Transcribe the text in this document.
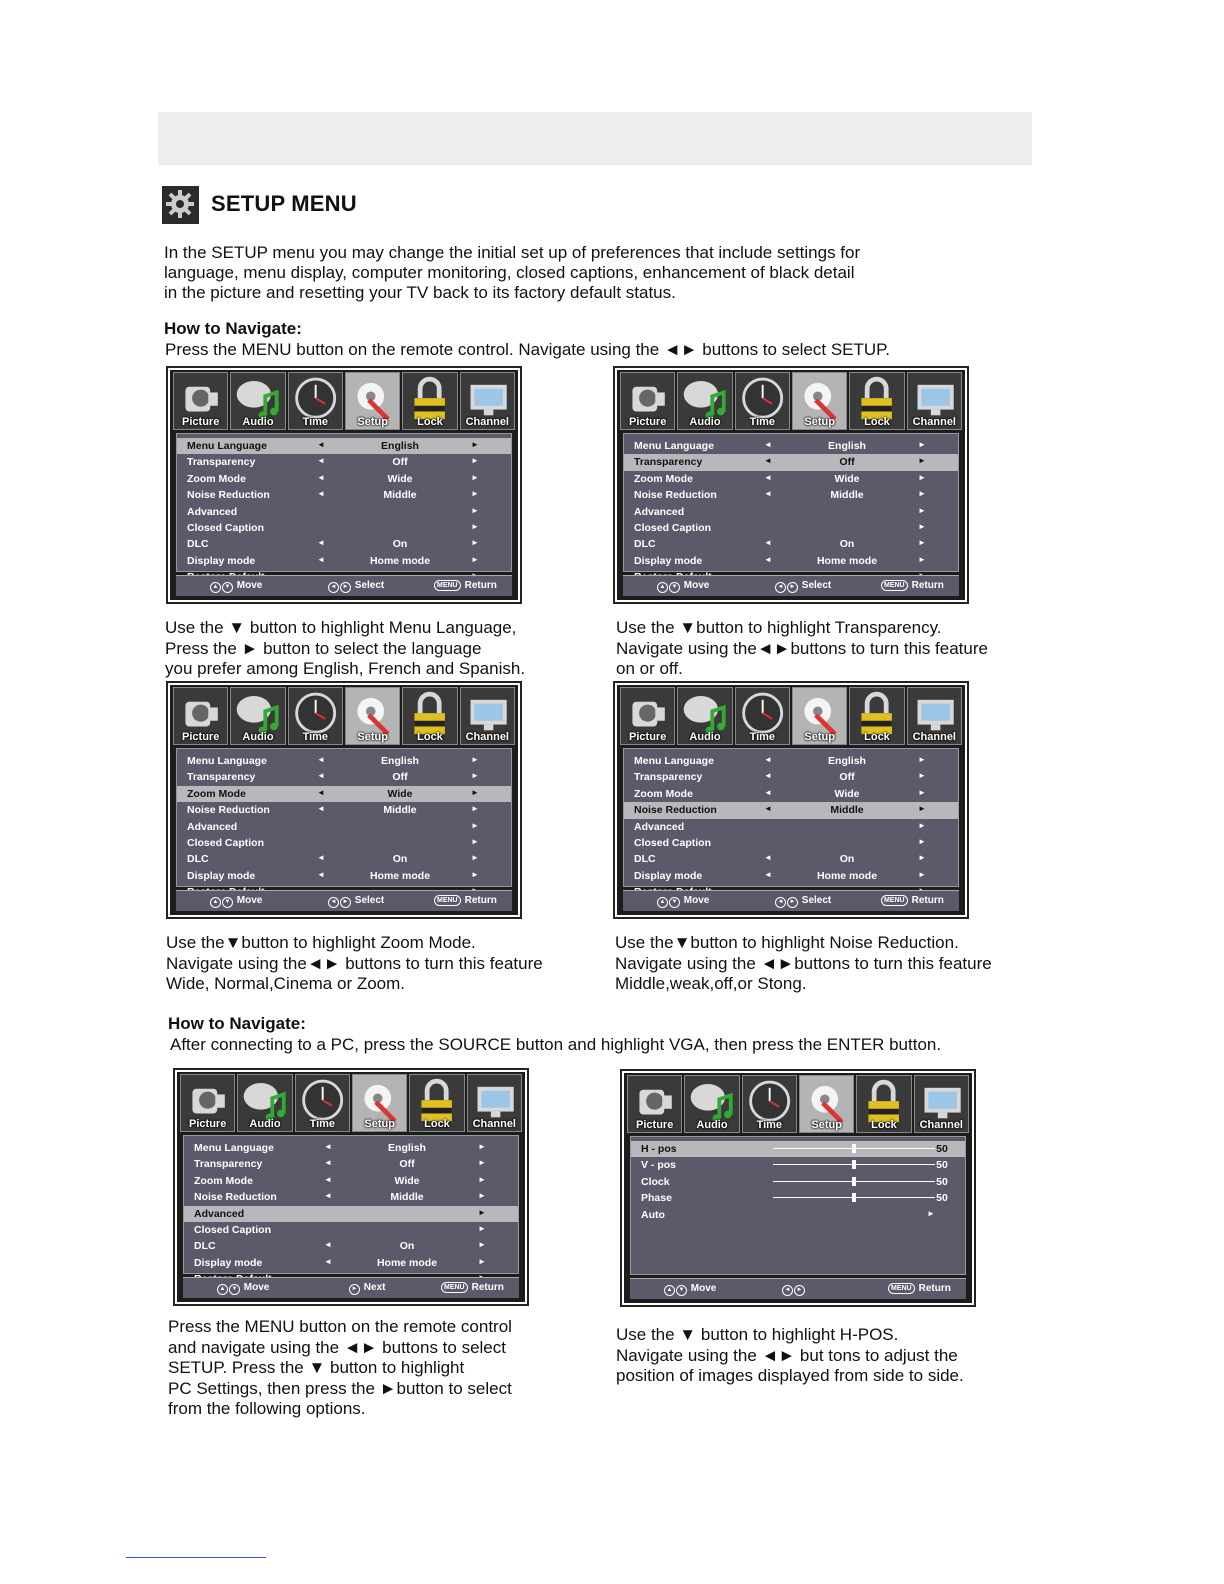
SETUP MENU
In the SETUP menu you may change the initial set up of preferences that include settings for
language, menu display, computer monitoring, closed captions, enhancement of black detail
in the picture and resetting your TV back to its factory default status.
How to Navigate:
Press the MENU button on the remote control. Navigate using the ◄► buttons to select SETUP.
Picture	Audio	Time	Setup	Lock	Channel
Menu Language	◄	English	►
Transparency	◄	Off	►
Zoom Mode	◄	Wide	►
Noise Reduction	◄	Middle	►
Advanced	►
Closed Caption	►
DLC	◄	On	►
Display mode	◄	Home mode	►
▲ ▼ Move	◄ ► Select	MENU Return
Picture	Audio	Time	Setup	Lock	Channel
Menu Language	◄	English	►
Transparency	◄	Off	►
Zoom Mode	◄	Wide	►
Noise Reduction	◄	Middle	►
Advanced	►
Closed Caption	►
DLC	◄	On	►
Display mode	◄	Home mode	►
▲ ▼ Move	◄ ► Select	MENU Return
Use the ▼ button to highlight Menu Language,
Press the ► button to select the language
you prefer among English, French and Spanish.
Use the ▼button to highlight Transparency.
Navigate using the◄►buttons to turn this feature
on or off.
Picture	Audio	Time	Setup	Lock	Channel
Menu Language	◄	English	►
Transparency	◄	Off	►
Zoom Mode	◄	Wide	►
Noise Reduction	◄	Middle	►
Advanced	►
Closed Caption	►
DLC	◄	On	►
Display mode	◄	Home mode	►
▲ ▼ Move	◄ ► Select	MENU Return
Picture	Audio	Time	Setup	Lock	Channel
Menu Language	◄	English	►
Transparency	◄	Off	►
Zoom Mode	◄	Wide	►
Noise Reduction	◄	Middle	►
Advanced	►
Closed Caption	►
DLC	◄	On	►
Display mode	◄	Home mode	►
▲ ▼ Move	◄ ► Select	MENU Return
Use the▼button to highlight Zoom Mode.
Navigate using the◄► buttons to turn this feature
Wide, Normal,Cinema or Zoom.
Use the▼button to highlight Noise Reduction.
Navigate using the ◄►buttons to turn this feature
Middle,weak,off,or Stong.
How to Navigate:
After connecting to a PC, press the SOURCE button and highlight VGA, then press the ENTER button.
Picture	Audio	Time	Setup	Lock	Channel
Menu Language	◄	English	►
Transparency	◄	Off	►
Zoom Mode	◄	Wide	►
Noise Reduction	◄	Middle	►
Advanced	►
Closed Caption	►
DLC	◄	On	►
Display mode	◄	Home mode	►
▲ ▼ Move	► Next	MENU Return
Picture	Audio	Time	Setup	Lock	Channel
H - pos	50
V - pos	50
Clock	50
Phase	50
Auto	►
▲ ▼ Move	◄ ►	MENU Return
Press the MENU button on the remote control
and navigate using the ◄► buttons to select
SETUP. Press the ▼ button to highlight
PC Settings, then press the ►button to select
from the following options.
Use the ▼ button to highlight H-POS.
Navigate using the ◄► but tons to adjust the
position of images displayed from side to side.
